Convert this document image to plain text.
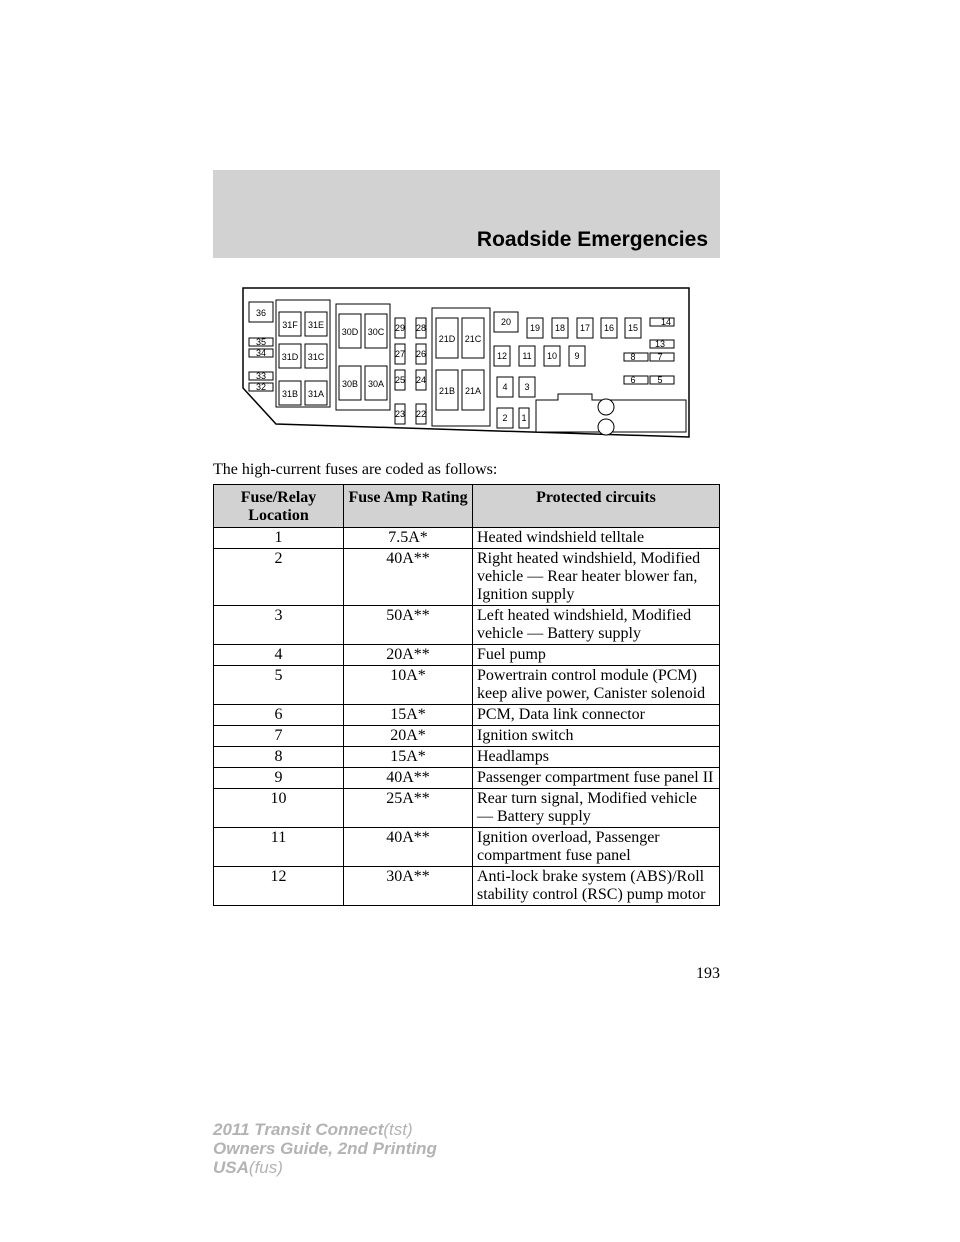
Roadside Emergencies
36
35
34
33
32
31F 31E
31D 31C
31B 31A
30D 30C
30B 30A
29 28
27 26
25 24
23 22
21D 21C
21B 21A
20
19 18 17 16 15
14
13
12 11 10 9	8 7
6 5
4 3
2 1
The high-current fuses are coded as follows:
Fuse/Relay Location	Fuse Amp Rating	Protected circuits
1	7.5A*	Heated windshield telltale
2	40A**	Right heated windshield, Modified vehicle — Rear heater blower fan, Ignition supply
3	50A**	Left heated windshield, Modified vehicle — Battery supply
4	20A**	Fuel pump
5	10A*	Powertrain control module (PCM) keep alive power, Canister solenoid
6	15A*	PCM, Data link connector
7	20A*	Ignition switch
8	15A*	Headlamps
9	40A**	Passenger compartment fuse panel II
10	25A**	Rear turn signal, Modified vehicle — Battery supply
11	40A**	Ignition overload, Passenger compartment fuse panel
12	30A**	Anti-lock brake system (ABS)/Roll stability control (RSC) pump motor
193
2011 Transit Connect(tst)
Owners Guide, 2nd Printing
USA(fus)
